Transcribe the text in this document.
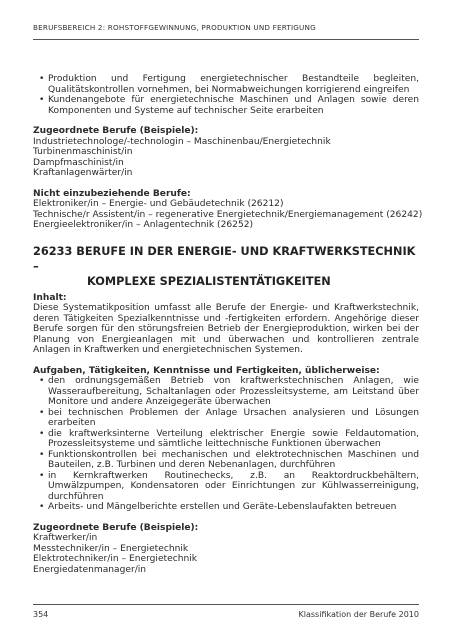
BERUFSBEREICH 2: ROHSTOFFGEWINNUNG, PRODUKTION UND FERTIGUNG
• Produktion und Fertigung energietechnischer Bestandteile begleiten, Qualitätskontrollen vornehmen, bei Normabweichungen korrigierend eingreifen
• Kundenangebote für energietechnische Maschinen und Anlagen sowie deren Komponenten und Systeme auf technischer Seite erarbeiten
Zugeordnete Berufe (Beispiele):
Industrietechnologe/-technologin – Maschinenbau/Energietechnik
Turbinenmaschinist/in
Dampfmaschinist/in
Kraftanlagenwärter/in
Nicht einzubeziehende Berufe:
Elektroniker/in – Energie- und Gebäudetechnik (26212)
Technische/r Assistent/in – regenerative Energietechnik/Energiemanagement (26242)
Energieelektroniker/in – Anlagentechnik (26252)
26233 BERUFE IN DER ENERGIE- UND KRAFTWERKSTECHNIK –
KOMPLEXE SPEZIALISTENTÄTIGKEITEN
Inhalt:
Diese Systematikposition umfasst alle Berufe der Energie- und Kraftwerkstechnik, deren Tätigkeiten Spezialkenntnisse und -fertigkeiten erfordern. Angehörige dieser Berufe sorgen für den störungsfreien Betrieb der Energieproduktion, wirken bei der Planung von Energieanlagen mit und überwachen und kontrollieren zentrale Anlagen in Kraftwerken und energietechnischen Systemen.
Aufgaben, Tätigkeiten, Kenntnisse und Fertigkeiten, üblicherweise:
• den ordnungsgemäßen Betrieb von kraftwerkstechnischen Anlagen, wie Wasseraufbereitung, Schaltanlagen oder Prozessleitsysteme, am Leitstand über Monitore und andere Anzeigegeräte überwachen
• bei technischen Problemen der Anlage Ursachen analysieren und Lösungen erarbeiten
• die kraftwerksinterne Verteilung elektrischer Energie sowie Feldautomation, Prozessleitsysteme und sämtliche leittechnische Funktionen überwachen
• Funktionskontrollen bei mechanischen und elektrotechnischen Maschinen und Bauteilen, z.B. Turbinen und deren Nebenanlagen, durchführen
• in Kernkraftwerken Routinechecks, z.B. an Reaktordruckbehältern, Umwälzpumpen, Kondensatoren oder Einrichtungen zur Kühlwasserreinigung, durchführen
• Arbeits- und Mängelberichte erstellen und Geräte-Lebenslaufakten betreuen
Zugeordnete Berufe (Beispiele):
Kraftwerker/in
Messtechniker/in – Energietechnik
Elektrotechniker/in – Energietechnik
Energiedatenmanager/in
354	Klassifikation der Berufe 2010
